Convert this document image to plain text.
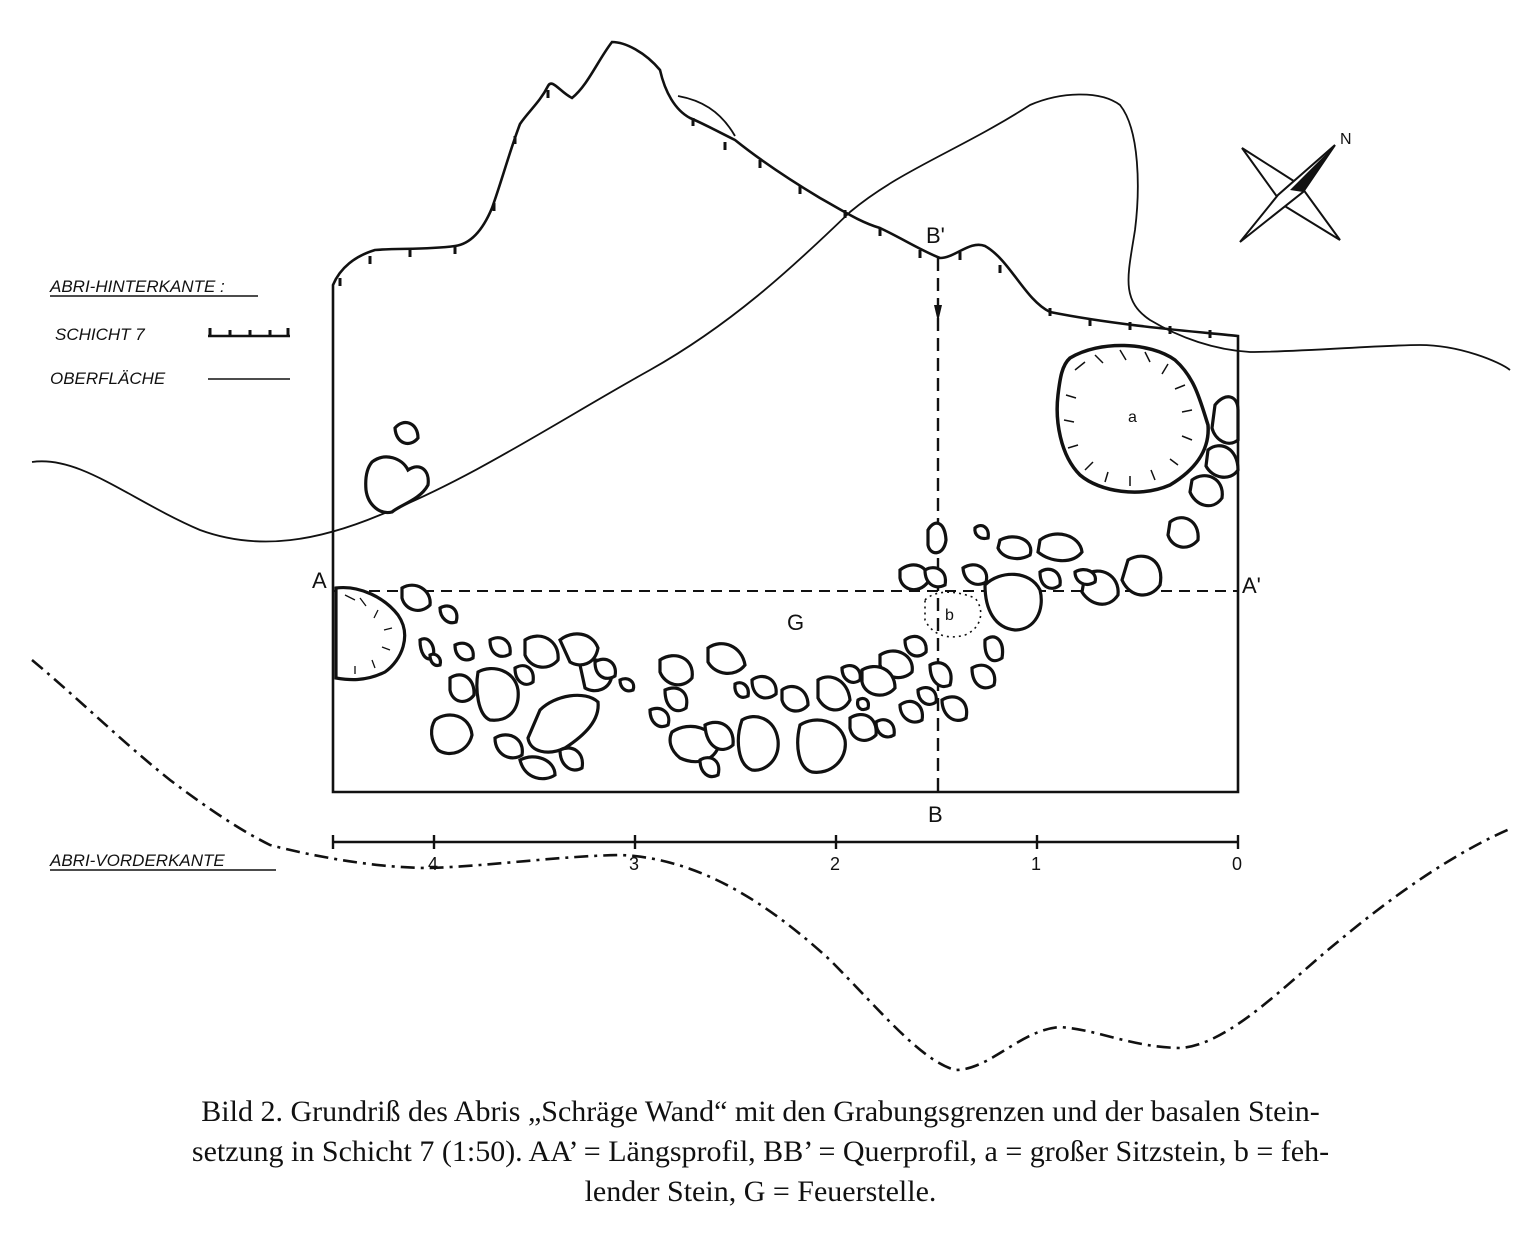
A	A'
B
B'
G
a
b
4	3	2	1	0
ABRI-HINTERKANTE :
SCHICHT 7
OBERFLÄCHE
ABRI-VORDERKANTE
N
Bild 2. Grundriß des Abris „Schräge Wand“ mit den Grabungsgrenzen und der basalen Stein-
setzung in Schicht 7 (1:50). AA’ = Längsprofil, BB’ = Querprofil, a = großer Sitzstein, b = feh-
lender Stein, G = Feuerstelle.
